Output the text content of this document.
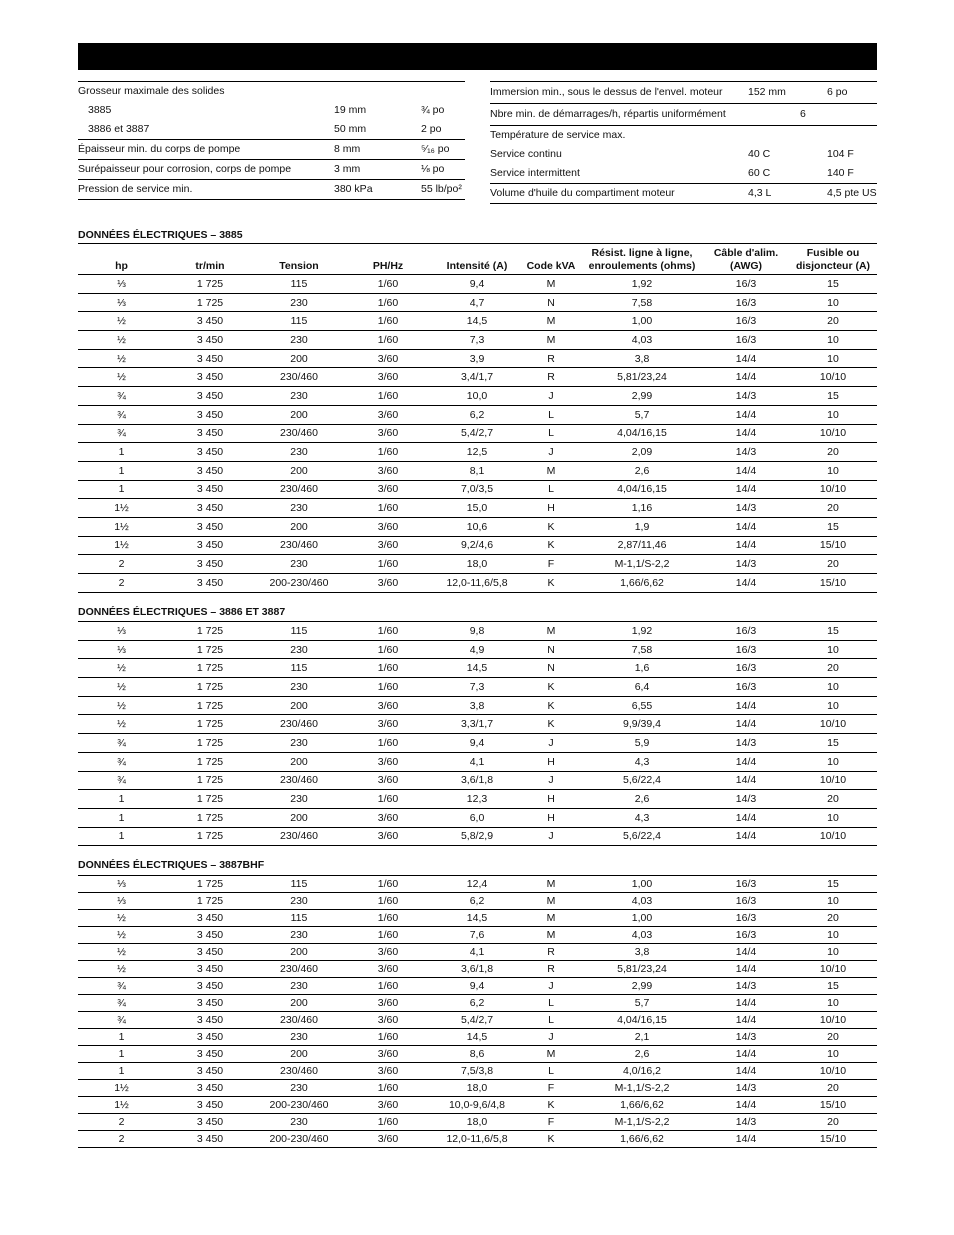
Grosseur maximale des solides
3885	19 mm	¾ po
3886 et 3887	50 mm	2 po
Épaisseur min. du corps de pompe	8 mm	⁵⁄₁₆ po
Surépaisseur pour corrosion, corps de pompe	3 mm	⅛ po
Pression de service min.	380 kPa	55 lb/po²
Immersion min., sous le dessus de l'envel. moteur 152 mm	6 po
Nbre min. de démarrages/h, répartis uniformément	6
Température de service max.
Service continu	40 C	104 F
Service intermittent	60 C	140 F
Volume d'huile du compartiment moteur	4,3 L	4,5 pte US
DONNÉES ÉLECTRIQUES – 3885
hp	tr/min	Tension	PH/Hz	Intensité (A)	Code kVA	Résist. ligne à ligne, enroulements (ohms)	Câble d'alim. (AWG)	Fusible ou disjoncteur (A)
⅓	1 725	115	1/60	9,4	M	1,92	16/3	15
⅓	1 725	230	1/60	4,7	N	7,58	16/3	10
½	3 450	115	1/60	14,5	M	1,00	16/3	20
½	3 450	230	1/60	7,3	M	4,03	16/3	10
½	3 450	200	3/60	3,9	R	3,8	14/4	10
½	3 450	230/460	3/60	3,4/1,7	R	5,81/23,24	14/4	10/10
¾	3 450	230	1/60	10,0	J	2,99	14/3	15
¾	3 450	200	3/60	6,2	L	5,7	14/4	10
¾	3 450	230/460	3/60	5,4/2,7	L	4,04/16,15	14/4	10/10
1	3 450	230	1/60	12,5	J	2,09	14/3	20
1	3 450	200	3/60	8,1	M	2,6	14/4	10
1	3 450	230/460	3/60	7,0/3,5	L	4,04/16,15	14/4	10/10
1½	3 450	230	1/60	15,0	H	1,16	14/3	20
1½	3 450	200	3/60	10,6	K	1,9	14/4	15
1½	3 450	230/460	3/60	9,2/4,6	K	2,87/11,46	14/4	15/10
2	3 450	230	1/60	18,0	F	M-1,1/S-2,2	14/3	20
2	3 450	200-230/460	3/60	12,0-11,6/5,8	K	1,66/6,62	14/4	15/10
DONNÉES ÉLECTRIQUES – 3886 ET 3887
⅓	1 725	115	1/60	9,8	M	1,92	16/3	15
⅓	1 725	230	1/60	4,9	N	7,58	16/3	10
½	1 725	115	1/60	14,5	N	1,6	16/3	20
½	1 725	230	1/60	7,3	K	6,4	16/3	10
½	1 725	200	3/60	3,8	K	6,55	14/4	10
½	1 725	230/460	3/60	3,3/1,7	K	9,9/39,4	14/4	10/10
¾	1 725	230	1/60	9,4	J	5,9	14/3	15
¾	1 725	200	3/60	4,1	H	4,3	14/4	10
¾	1 725	230/460	3/60	3,6/1,8	J	5,6/22,4	14/4	10/10
1	1 725	230	1/60	12,3	H	2,6	14/3	20
1	1 725	200	3/60	6,0	H	4,3	14/4	10
1	1 725	230/460	3/60	5,8/2,9	J	5,6/22,4	14/4	10/10
DONNÉES ÉLECTRIQUES – 3887BHF
⅓	1 725	115	1/60	12,4	M	1,00	16/3	15
⅓	1 725	230	1/60	6,2	M	4,03	16/3	10
½	3 450	115	1/60	14,5	M	1,00	16/3	20
½	3 450	230	1/60	7,6	M	4,03	16/3	10
½	3 450	200	3/60	4,1	R	3,8	14/4	10
½	3 450	230/460	3/60	3,6/1,8	R	5,81/23,24	14/4	10/10
¾	3 450	230	1/60	9,4	J	2,99	14/3	15
¾	3 450	200	3/60	6,2	L	5,7	14/4	10
¾	3 450	230/460	3/60	5,4/2,7	L	4,04/16,15	14/4	10/10
1	3 450	230	1/60	14,5	J	2,1	14/3	20
1	3 450	200	3/60	8,6	M	2,6	14/4	10
1	3 450	230/460	3/60	7,5/3,8	L	4,0/16,2	14/4	10/10
1½	3 450	230	1/60	18,0	F	M-1,1/S-2,2	14/3	20
1½	3 450	200-230/460	3/60	10,0-9,6/4,8	K	1,66/6,62	14/4	15/10
2	3 450	230	1/60	18,0	F	M-1,1/S-2,2	14/3	20
2	3 450	200-230/460	3/60	12,0-11,6/5,8	K	1,66/6,62	14/4	15/10
